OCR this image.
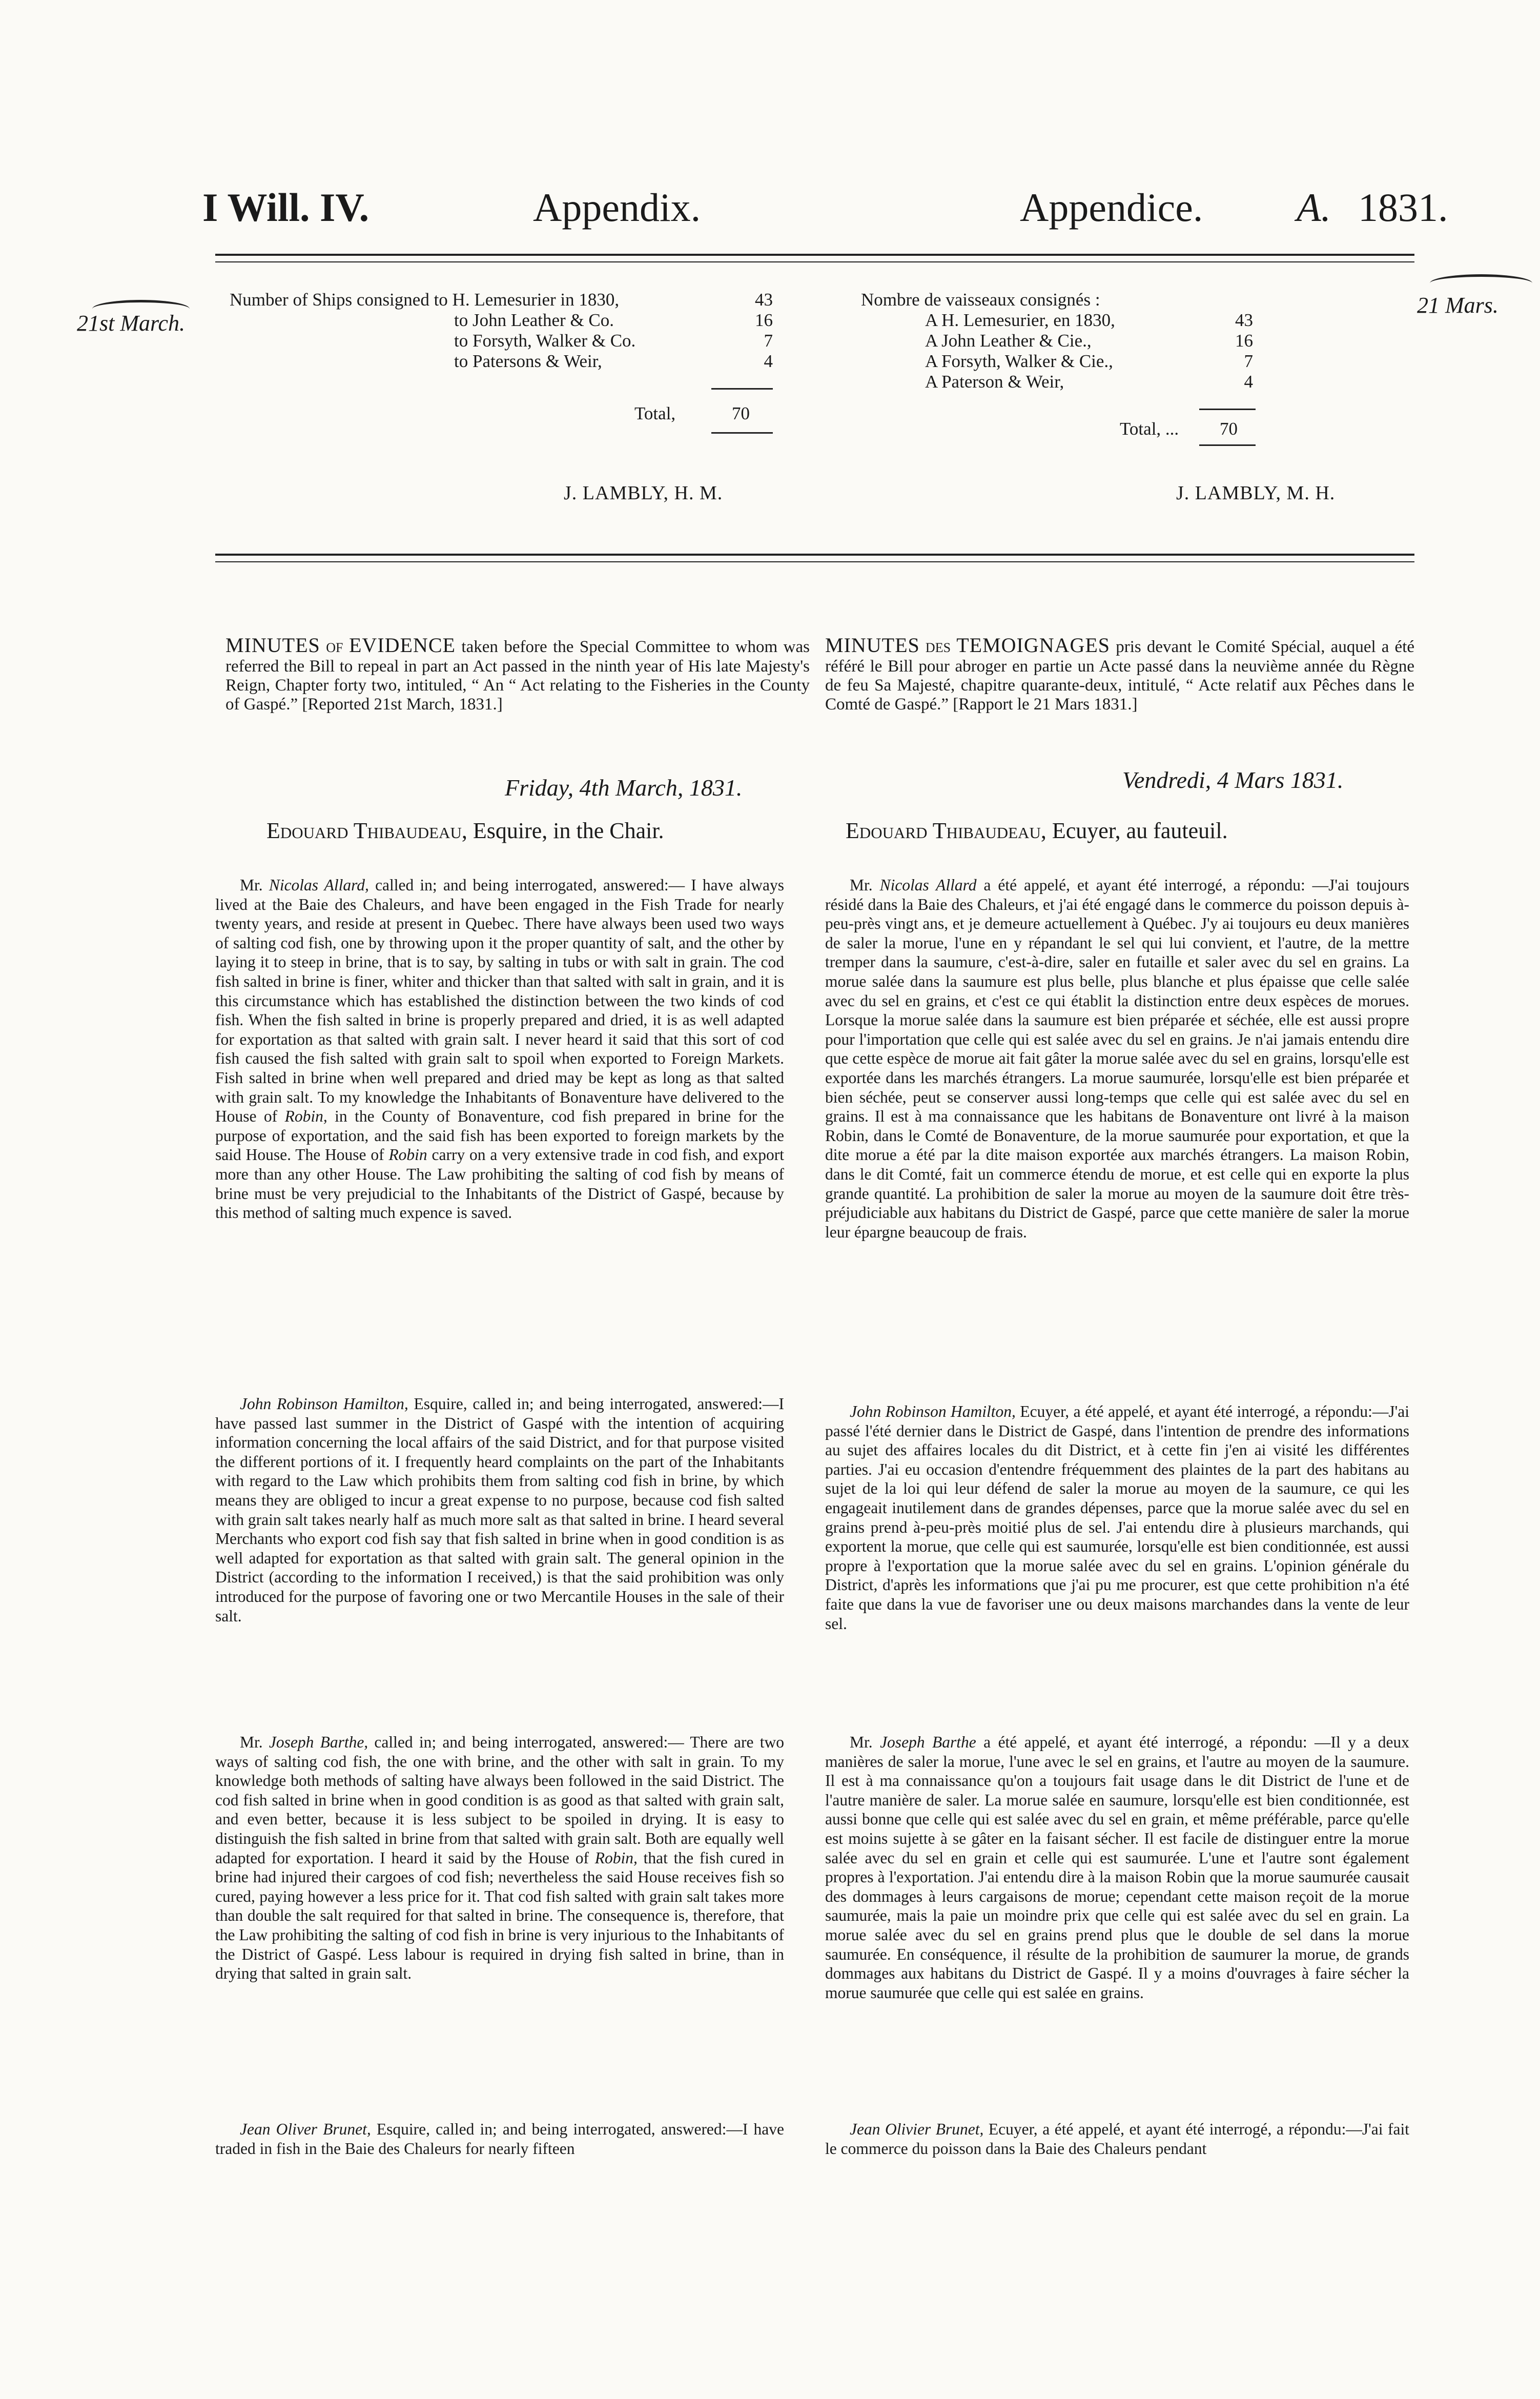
I Will. IV.	Appendix.	Appendice. A. 1831.
21st March.
21 Mars.
Number of Ships consigned to H. Lemesurier in 1830,	43
to John Leather & Co.	16
to Forsyth, Walker & Co.	7
to Patersons & Weir,	4
Total,	70
J. LAMBLY, H. M.
Nombre de vaisseaux consignés :
A H. Lemesurier, en 1830,	43
A John Leather & Cie.,	16
A Forsyth, Walker & Cie.,	7
A Paterson & Weir,	4
Total, ... 70
J. LAMBLY, M. H.
MINUTES OF EVIDENCE taken before the Special Committee to whom was referred the Bill to repeal in part an Act passed in the ninth year of His late Majesty's Reign, Chapter forty two, intituled, “ An “ Act relating to the Fisheries in the County of Gaspé.” [Reported 21st March, 1831.]
MINUTES DES TEMOIGNAGES pris devant le Comité Spécial, auquel a été référé le Bill pour abroger en partie un Acte passé dans la neuvième année du Règne de feu Sa Majesté, chapitre quarante-deux, intitulé, “ Acte relatif aux Pêches dans le Comté de Gaspé.” [Rapport le 21 Mars 1831.]
Friday, 4th March, 1831.	Vendredi, 4 Mars 1831.
Edouard Thibaudeau, Esquire, in the Chair.	Edouard Thibaudeau, Ecuyer, au fauteuil.

Mr. Nicolas Allard, called in; and being interrogated, answered:— I have always lived at the Baie des Chaleurs, and have been engaged in the Fish Trade for nearly twenty years, and reside at present in Quebec. There have always been used two ways of salting cod fish, one by throwing upon it the proper quantity of salt, and the other by laying it to steep in brine, that is to say, by salting in tubs or with salt in grain. The cod fish salted in brine is finer, whiter and thicker than that salted with salt in grain, and it is this circumstance which has established the distinction between the two kinds of cod fish. When the fish salted in brine is properly prepared and dried, it is as well adapted for exportation as that salted with grain salt. I never heard it said that this sort of cod fish caused the fish salted with grain salt to spoil when exported to Foreign Markets. Fish salted in brine when well prepared and dried may be kept as long as that salted with grain salt. To my knowledge the Inhabitants of Bonaventure have delivered to the House of Robin, in the County of Bonaventure, cod fish prepared in brine for the purpose of exportation, and the said fish has been exported to foreign markets by the said House. The House of Robin carry on a very extensive trade in cod fish, and export more than any other House. The Law prohibiting the salting of cod fish by means of brine must be very prejudicial to the Inhabitants of the District of Gaspé, because by this method of salting much expence is saved.

John Robinson Hamilton, Esquire, called in; and being interrogated, answered:—I have passed last summer in the District of Gaspé with the intention of acquiring information concerning the local affairs of the said District, and for that purpose visited the different portions of it. I frequently heard complaints on the part of the Inhabitants with regard to the Law which prohibits them from salting cod fish in brine, by which means they are obliged to incur a great expense to no purpose, because cod fish salted with grain salt takes nearly half as much more salt as that salted in brine. I heard several Merchants who export cod fish say that fish salted in brine when in good condition is as well adapted for exportation as that salted with grain salt. The general opinion in the District (according to the information I received,) is that the said prohibition was only introduced for the purpose of favoring one or two Mercantile Houses in the sale of their salt.

Mr. Joseph Barthe, called in; and being interrogated, answered:— There are two ways of salting cod fish, the one with brine, and the other with salt in grain. To my knowledge both methods of salting have always been followed in the said District. The cod fish salted in brine when in good condition is as good as that salted with grain salt, and even better, because it is less subject to be spoiled in drying. It is easy to distinguish the fish salted in brine from that salted with grain salt. Both are equally well adapted for exportation. I heard it said by the House of Robin, that the fish cured in brine had injured their cargoes of cod fish; nevertheless the said House receives fish so cured, paying however a less price for it. That cod fish salted with grain salt takes more than double the salt required for that salted in brine. The consequence is, therefore, that the Law prohibiting the salting of cod fish in brine is very injurious to the Inhabitants of the District of Gaspé. Less labour is required in drying fish salted in brine, than in drying that salted in grain salt.

Jean Oliver Brunet, Esquire, called in; and being interrogated, answered:—I have traded in fish in the Baie des Chaleurs for nearly fifteen

Mr. Nicolas Allard a été appelé, et ayant été interrogé, a répondu: —J'ai toujours résidé dans la Baie des Chaleurs, et j'ai été engagé dans le commerce du poisson depuis à-peu-près vingt ans, et je demeure actuellement à Québec. J'y ai toujours eu deux manières de saler la morue, l'une en y répandant le sel qui lui convient, et l'autre, de la mettre tremper dans la saumure, c'est-à-dire, saler en futaille et saler avec du sel en grains. La morue salée dans la saumure est plus belle, plus blanche et plus épaisse que celle salée avec du sel en grains, et c'est ce qui établit la distinction entre deux espèces de morues. Lorsque la morue salée dans la saumure est bien préparée et séchée, elle est aussi propre pour l'importation que celle qui est salée avec du sel en grains. Je n'ai jamais entendu dire que cette espèce de morue ait fait gâter la morue salée avec du sel en grains, lorsqu'elle est exportée dans les marchés étrangers. La morue saumurée, lorsqu'elle est bien préparée et bien séchée, peut se conserver aussi long-temps que celle qui est salée avec du sel en grains. Il est à ma connaissance que les habitans de Bonaventure ont livré à la maison Robin, dans le Comté de Bonaventure, de la morue saumurée pour exportation, et que la dite morue a été par la dite maison exportée aux marchés étrangers. La maison Robin, dans le dit Comté, fait un commerce étendu de morue, et est celle qui en exporte la plus grande quantité. La prohibition de saler la morue au moyen de la saumure doit être très-préjudiciable aux habitans du District de Gaspé, parce que cette manière de saler la morue leur épargne beaucoup de frais.

John Robinson Hamilton, Ecuyer, a été appelé, et ayant été interrogé, a répondu:—J'ai passé l'été dernier dans le District de Gaspé, dans l'intention de prendre des informations au sujet des affaires locales du dit District, et à cette fin j'en ai visité les différentes parties. J'ai eu occasion d'entendre fréquemment des plaintes de la part des habitans au sujet de la loi qui leur défend de saler la morue au moyen de la saumure, ce qui les engageait inutilement dans de grandes dépenses, parce que la morue salée avec du sel en grains prend à-peu-près moitié plus de sel. J'ai entendu dire à plusieurs marchands, qui exportent la morue, que celle qui est saumurée, lorsqu'elle est bien conditionnée, est aussi propre à l'exportation que la morue salée avec du sel en grains. L'opinion générale du District, d'après les informations que j'ai pu me procurer, est que cette prohibition n'a été faite que dans la vue de favoriser une ou deux maisons marchandes dans la vente de leur sel.

Mr. Joseph Barthe a été appelé, et ayant été interrogé, a répondu: —Il y a deux manières de saler la morue, l'une avec le sel en grains, et l'autre au moyen de la saumure. Il est à ma connaissance qu'on a toujours fait usage dans le dit District de l'une et de l'autre manière de saler. La morue salée en saumure, lorsqu'elle est bien conditionnée, est aussi bonne que celle qui est salée avec du sel en grain, et même préférable, parce qu'elle est moins sujette à se gâter en la faisant sécher. Il est facile de distinguer entre la morue salée avec du sel en grain et celle qui est saumurée. L'une et l'autre sont également propres à l'exportation. J'ai entendu dire à la maison Robin que la morue saumurée causait des dommages à leurs cargaisons de morue; cependant cette maison reçoit de la morue saumurée, mais la paie un moindre prix que celle qui est salée avec du sel en grain. La morue salée avec du sel en grains prend plus que le double de sel dans la morue saumurée. En conséquence, il résulte de la prohibition de saumurer la morue, de grands dommages aux habitans du District de Gaspé. Il y a moins d'ouvrages à faire sécher la morue saumurée que celle qui est salée en grains.

Jean Olivier Brunet, Ecuyer, a été appelé, et ayant été interrogé, a répondu:—J'ai fait le commerce du poisson dans la Baie des Chaleurs pendant
